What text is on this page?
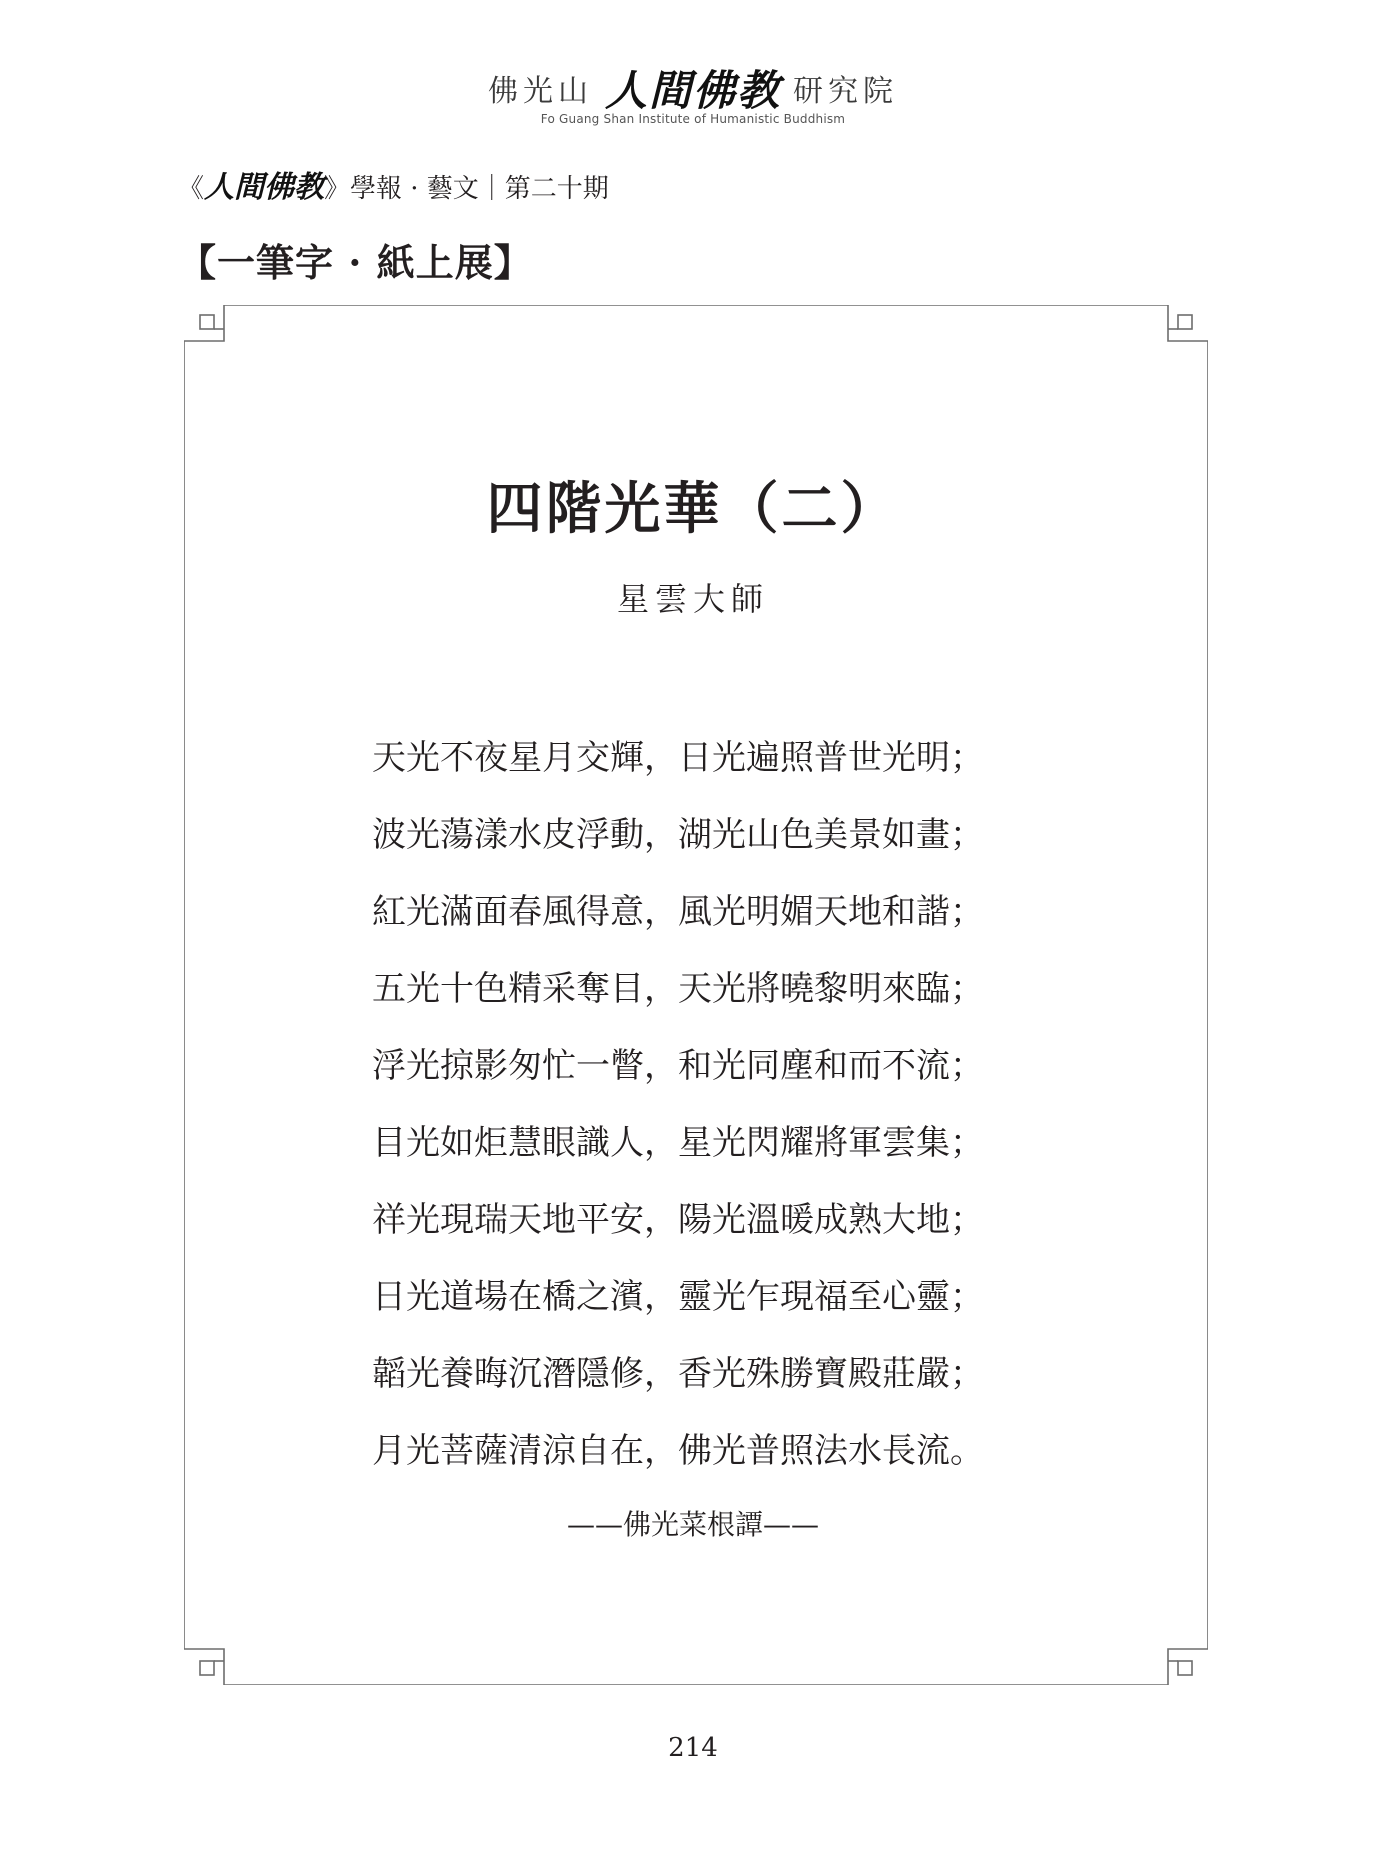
佛光山 人間佛教 研究院
Fo Guang Shan Institute of Humanistic Buddhism
《人間佛教》學報 · 藝文｜第二十期
【一筆字 · 紙上展】
四階光華（二）
星雲大師
天光不夜星月交輝，日光遍照普世光明；
波光蕩漾水皮浮動，湖光山色美景如畫；
紅光滿面春風得意，風光明媚天地和諧；
五光十色精采奪目，天光將曉黎明來臨；
浮光掠影匆忙一瞥，和光同塵和而不流；
目光如炬慧眼識人，星光閃耀將軍雲集；
祥光現瑞天地平安，陽光溫暖成熟大地；
日光道場在橋之濱，靈光乍現福至心靈；
韜光養晦沉潛隱修，香光殊勝寶殿莊嚴；
月光菩薩清涼自在，佛光普照法水長流。
——佛光菜根譚——
214
